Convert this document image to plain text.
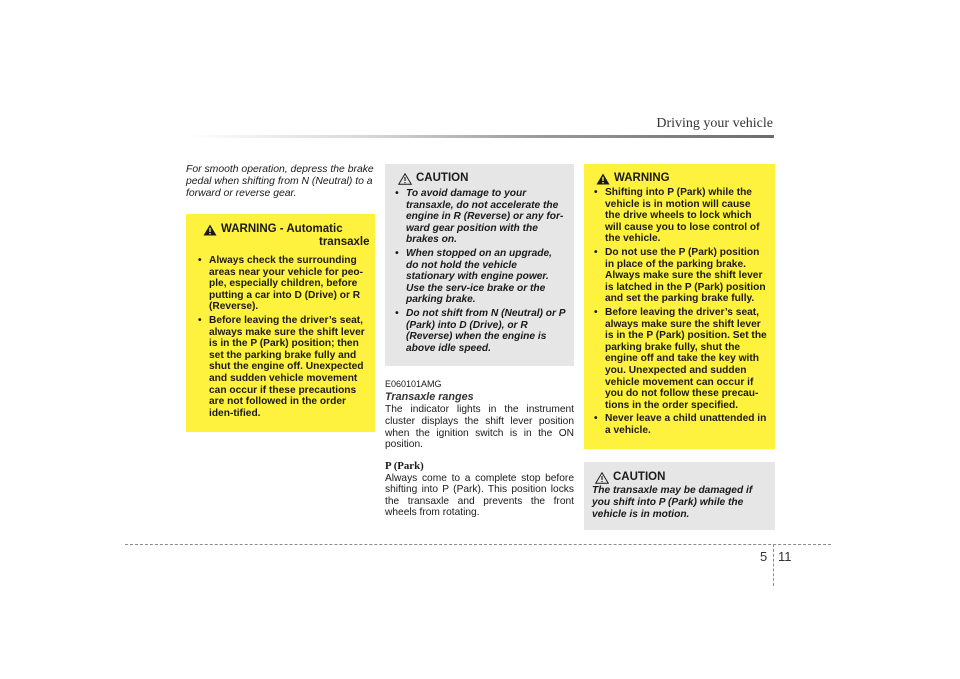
Driving your vehicle

For smooth operation, depress the brake pedal when shifting from N (Neutral) to a forward or reverse gear.

WARNING - Automatic
transaxle
• Always check the surrounding areas near your vehicle for peo-ple, especially children, before putting a car into D (Drive) or R (Reverse).
• Before leaving the driver’s seat, always make sure the shift lever is in the P (Park) position; then set the parking brake fully and shut the engine off. Unexpected and sudden vehicle movement can occur if these precautions are not followed in the order iden-tified.
CAUTION
• To avoid damage to your transaxle, do not accelerate the engine in R (Reverse) or any for-ward gear position with the brakes on.
• When stopped on an upgrade, do not hold the vehicle stationary with engine power. Use the serv-ice brake or the parking brake.
• Do not shift from N (Neutral) or P (Park) into D (Drive), or R (Reverse) when the engine is above idle speed.
E060101AMG
Transaxle ranges

The indicator lights in the instrument cluster displays the shift lever position when the ignition switch is in the ON position.

P (Park)

Always come to a complete stop before shifting into P (Park). This position locks the transaxle and prevents the front wheels from rotating.

WARNING
• Shifting into P (Park) while the vehicle is in motion will cause the drive wheels to lock which will cause you to lose control of the vehicle.
• Do not use the P (Park) position in place of the parking brake. Always make sure the shift lever is latched in the P (Park) position and set the parking brake fully.
• Before leaving the driver’s seat, always make sure the shift lever is in the P (Park) position. Set the parking brake fully, shut the engine off and take the key with you. Unexpected and sudden vehicle movement can occur if you do not follow these precau-tions in the order specified.
• Never leave a child unattended in a vehicle.
CAUTION
The transaxle may be damaged if you shift into P (Park) while the vehicle is in motion.
5 11
